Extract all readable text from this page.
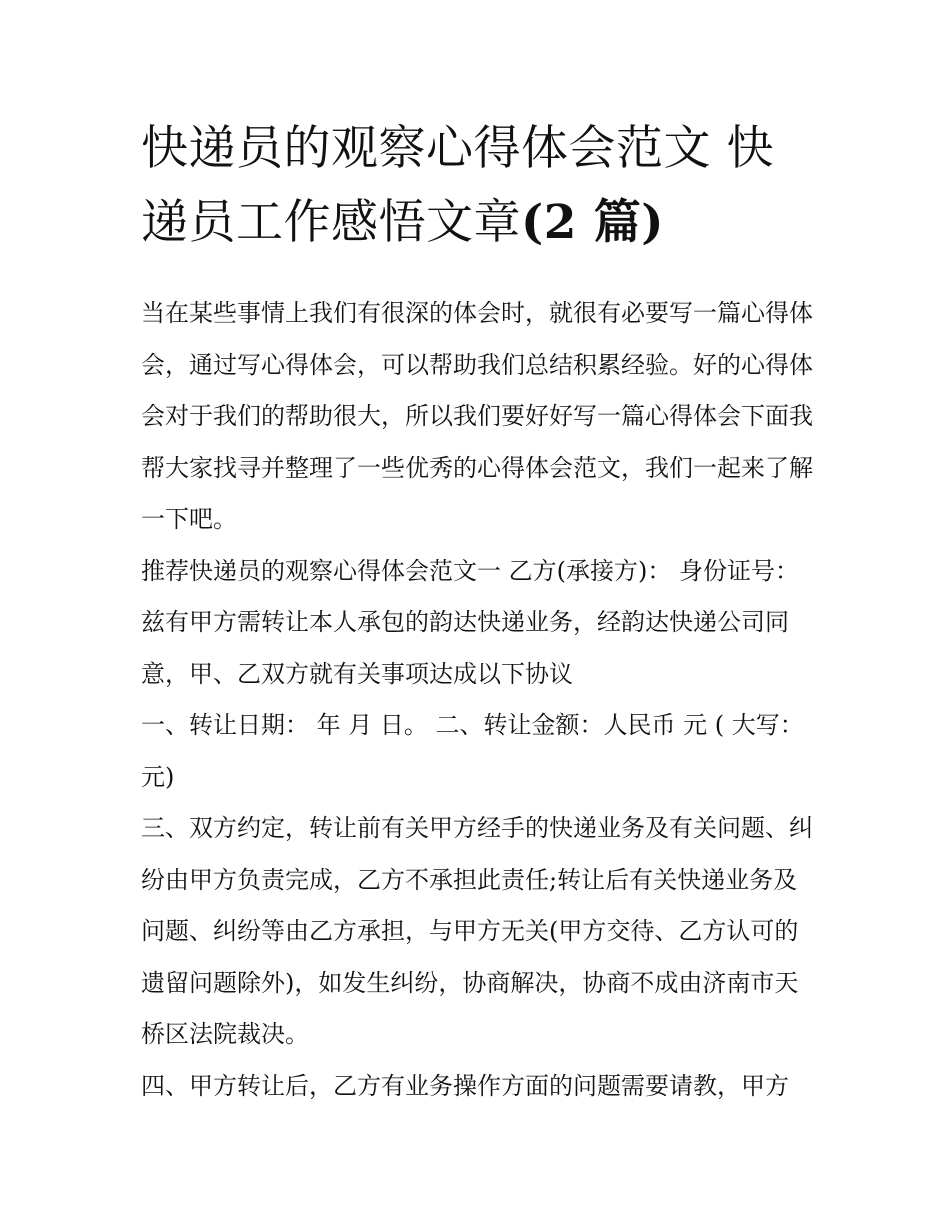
快递员的观察心得体会范文 快递员工作感悟文章(2 篇)

当在某些事情上我们有很深的体会时，就很有必要写一篇心得体会，通过写心得体会，可以帮助我们总结积累经验。好的心得体会对于我们的帮助很大，所以我们要好好写一篇心得体会下面我帮大家找寻并整理了一些优秀的心得体会范文，我们一起来了解一下吧。

推荐快递员的观察心得体会范文一 乙方(承接方)： 身份证号： 兹有甲方需转让本人承包的韵达快递业务，经韵达快递公司同意，甲、乙双方就有关事项达成以下协议

一、转让日期： 年 月 日。 二、转让金额：人民币 元 ( 大写： 元)

三、双方约定，转让前有关甲方经手的快递业务及有关问题、纠纷由甲方负责完成，乙方不承担此责任;转让后有关快递业务及问题、纠纷等由乙方承担，与甲方无关(甲方交待、乙方认可的遗留问题除外)，如发生纠纷，协商解决，协商不成由济南市天桥区法院裁决。

四、甲方转让后，乙方有业务操作方面的问题需要请教，甲方
